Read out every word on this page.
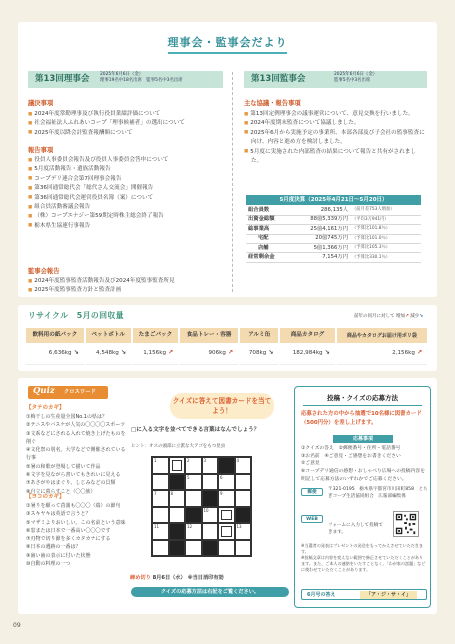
理事会・監事会だより
第13回理事会 2025年6月6日（金）
理事19名中18名出席　監事5名中3名出席
議決事項
■ 2024年度常勤理事及び執行役員業績評価について
■ 社会福祉法人ふれあいコープ「理事候補者」の選出について
■ 2025年度以降会計監査報酬額について
報告事項
■ 役員人事委員会報告及び役員人事委員会答申について
■ 5月度活動報告・遺族活動報告
■ コープデリ連合会第7回理事会報告
■ 第36回通常総代会「総代さん交流会」開催報告
■ 第36回通常総代会運営役員名簿（案）について
■ 組合員活動審議会報告
■ （株）コープエナジー第59期定時株主総会終了報告
■ 栃木県生協連行事報告
監事会報告
■ 2024年度監事監査活動報告及び2024年度監事監査所見
■ 2025年度監事監査方針と監査計画
第13回監事会	2025年6月6日（金）
監事5名中3名出席
主な協議・報告事項
■ 第13回定例理事会の議事運営について、意見交換を行いました。
■ 2024年度期末監査について協議しました。
■ 2025年6月から実施予定の事業所、本部各部及び子会社の監事監査に向け、内容と進め方を検討しました。
■ 5月度に実施された内部監査の結果について報告と共有がされました。
5月度決算（2025年4月21日～5月20日）
組合員数	286,135人	（前月差753人増加）
出資金総額	88億5,339万円	（平均3万941円）
総事業高	25億4,161万円	（予算比101.8％）
宅配	20億745万円	（予算比101.0％）
店舗	5億1,366万円	（予算比105.3％）
経常剰余金	7,154万円	（予算比330.1％）
リサイクル　5月の回収量	前年の同月に対して 増加↗ 減少↘
飲料用の紙パック	ペットボトル	たまごパック	食品トレー・容器	アルミ缶	商品カタログ	商品やカタログお届け用ポリ袋
6,636kg ↘	4,548kg ↘	1,156kg ↗	906kg ↗	708kg ↘	182,984kg ↘	2,156kg ↗
Quiz クロスワード
【タテのカギ】
①梅干しの生産量全国No.1の県は？
②テニスやバスケが人気の〇〇〇〇スポーツ
③文系などにされる入れて焼き上げたものを削ぐ
④文化祭の別名。大学などで開催されている行事
⑤暑の和歌が登場して描いて作品
⑥文字を見ながら書いてもきれいに見える
⑦あさがやはまぐり、しじみなどの貝類
⑧自立に暮らすこと（〇〇族）
【ヨコのカギ】
①暑りを願って菖蒲も〇〇〇（端）の節句
③スキヤキは英語で言うと？
⑤マザミよりおいしい。この名前という意味
⑥窓または日本で一番高い〇〇〇です
⑦刃物で切り節を多くカタカナにする
⑧日本の遺跡の一番は？
⑨歯い歯の表示に付いた状態
⑩自動の料理の一つ
クイズに答えて図書カードを当てよう！
□に入る文字を並べてできる言葉はなんでしょう？
ヒント：オスの頭部に立派な大アゴをもつ昆虫
1	2	3	4
5	6
7	8	9
10
11	12	13
締め切り 8月6日（水） ※当日消印有効
クイズの応募方法は右記をご覧ください。
投稿・クイズの応募方法
応募された方の中から抽選で10名様に図書カード（500円分）を差し上げます。
応募事項
①クイズの答え　②郵便番号・住所・電話番号
③お名前　④ご意見・ご感想をお書きください
⑤ご意見
⑥コープデリ通信の感想・おしゃべり広場への投稿内容を明記して応募方法のいずれかでご応募ください。
郵便
〒321-0195　栃木県宇都宮市川田町858　とちぎコープ生活協同組合　広報部編集係
WEB
フォームに入力して投稿できます。
※当選者の発表はプレゼントの発送をもってかえさせていただきます。
※投稿文章は内容を変えない範囲で修正させていただくことがあります。また、ご本人の連絡をいたすことなく、「わが家の話題」などに使わせていただくことがあります。
6月号の答え	「ア・ジ・サ・イ」
09
